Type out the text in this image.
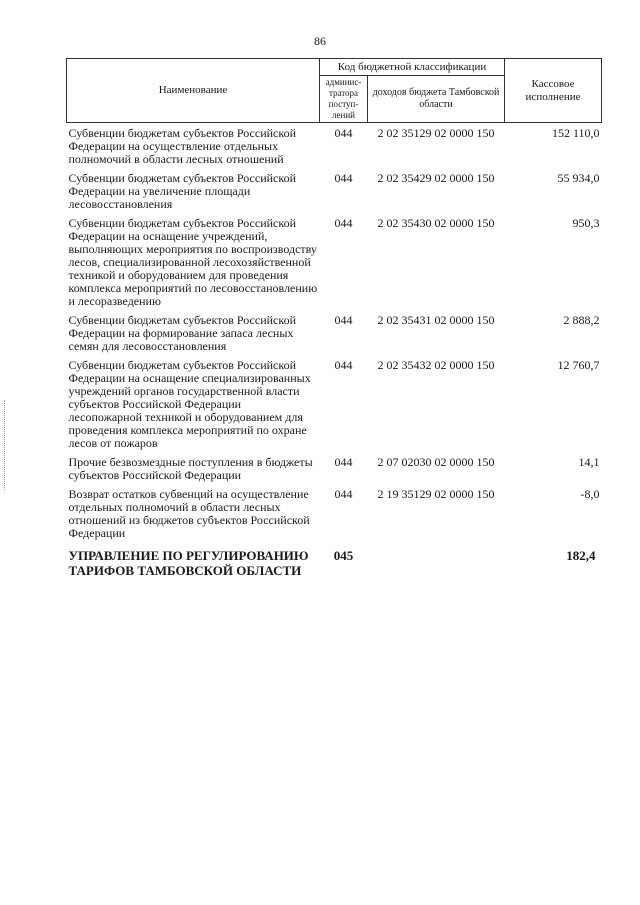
86
Наименование	Код бюджетной классификации		Кассовое исполнение
	админис-тратора поступ-лений	доходов бюджета Тамбовской области	
Субвенции бюджетам субъектов Российской Федерации на осуществление отдельных полномочий в области лесных отношений	044	2 02 35129 02 0000 150	152 110,0
Субвенции бюджетам субъектов Российской Федерации на увеличение площади лесовосстановления	044	2 02 35429 02 0000 150	55 934,0
Субвенции бюджетам субъектов Российской Федерации на оснащение учреждений, выполняющих мероприятия по воспроизводству лесов, специализированной лесохозяйственной техникой и оборудованием для проведения комплекса мероприятий по лесовосстановлению и лесоразведению	044	2 02 35430 02 0000 150	950,3
Субвенции бюджетам субъектов Российской Федерации на формирование запаса лесных семян для лесовосстановления	044	2 02 35431 02 0000 150	2 888,2
Субвенции бюджетам субъектов Российской Федерации на оснащение специализированных учреждений органов государственной власти субъектов Российской Федерации лесопожарной техникой и оборудованием для проведения комплекса мероприятий по охране лесов от пожаров	044	2 02 35432 02 0000 150	12 760,7
Прочие безвозмездные поступления в бюджеты субъектов Российской Федерации	044	2 07 02030 02 0000 150	14,1
Возврат остатков субвенций на осуществление отдельных полномочий в области лесных отношений из бюджетов субъектов Российской Федерации	044	2 19 35129 02 0000 150	-8,0
УПРАВЛЕНИЕ ПО РЕГУЛИРОВАНИЮ ТАРИФОВ ТАМБОВСКОЙ ОБЛАСТИ	045		182,4
